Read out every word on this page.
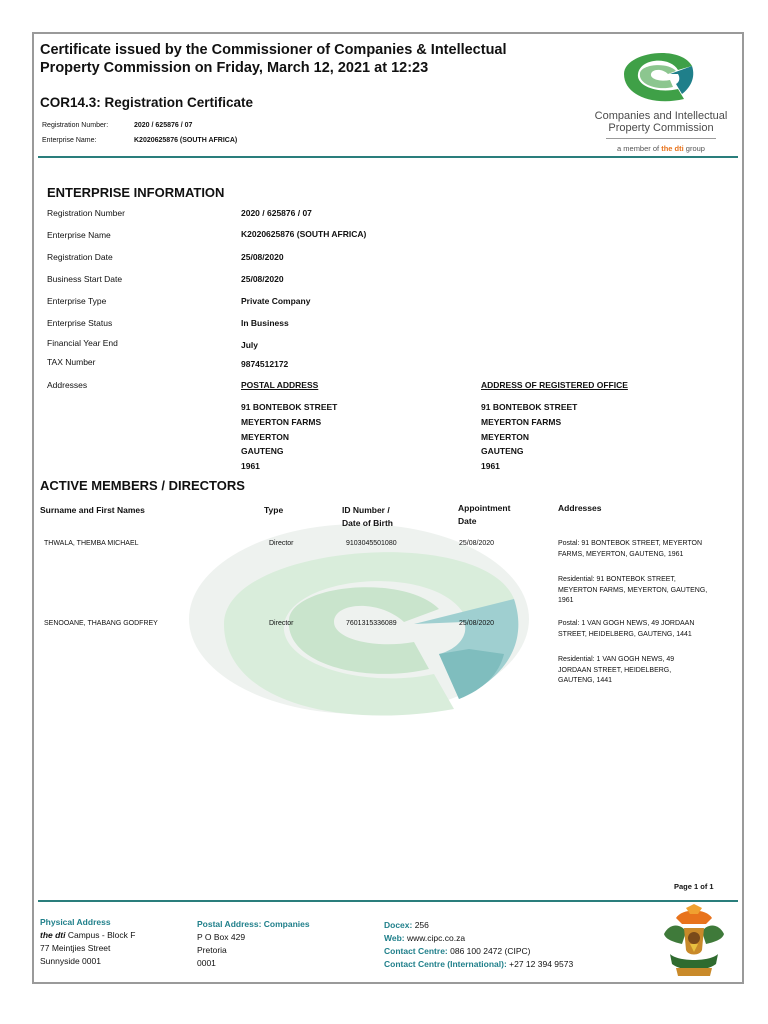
Certificate issued by the Commissioner of Companies & Intellectual
Property Commission on Friday, March 12, 2021 at 12:23
COR14.3: Registration Certificate
Registration Number:	2020 / 625876 / 07
Enterprise Name:	K2020625876 (SOUTH AFRICA)
Companies and Intellectual
Property Commission
a member of the dti group
ENTERPRISE INFORMATION
Registration Number	2020 / 625876 / 07
Enterprise Name	K2020625876 (SOUTH AFRICA)
Registration Date	25/08/2020
Business Start Date	25/08/2020
Enterprise Type	Private Company
Enterprise Status	In Business
Financial Year End	July
TAX Number	9874512172
Addresses	POSTAL ADDRESS
91 BONTEBOK STREET
MEYERTON FARMS
MEYERTON
GAUTENG
1961
ADDRESS OF REGISTERED OFFICE
91 BONTEBOK STREET
MEYERTON FARMS
MEYERTON
GAUTENG
1961
ACTIVE MEMBERS / DIRECTORS
Surname and First Names	Type	ID Number /
Date of Birth
Appointment
Date
Addresses
THWALA, THEMBA MICHAEL	Director	9103045501080	25/08/2020	Postal: 91 BONTEBOK STREET, MEYERTON FARMS, MEYERTON, GAUTENG, 1961
Residential: 91 BONTEBOK STREET, MEYERTON FARMS, MEYERTON, GAUTENG, 1961
SENOOANE, THABANG GODFREY	Director	7601315336089	25/08/2020	Postal: 1 VAN GOGH NEWS, 49 JORDAAN STREET, HEIDELBERG, GAUTENG, 1441
Residential: 1 VAN GOGH NEWS, 49 JORDAAN STREET, HEIDELBERG, GAUTENG, 1441
Page 1 of 1
Physical Address
the dti Campus - Block F
77 Meintjies Street
Sunnyside 0001
Postal Address: Companies
P O Box 429
Pretoria
0001
Docex: 256
Web: www.cipc.co.za
Contact Centre: 086 100 2472 (CIPC)
Contact Centre (International): +27 12 394 9573
